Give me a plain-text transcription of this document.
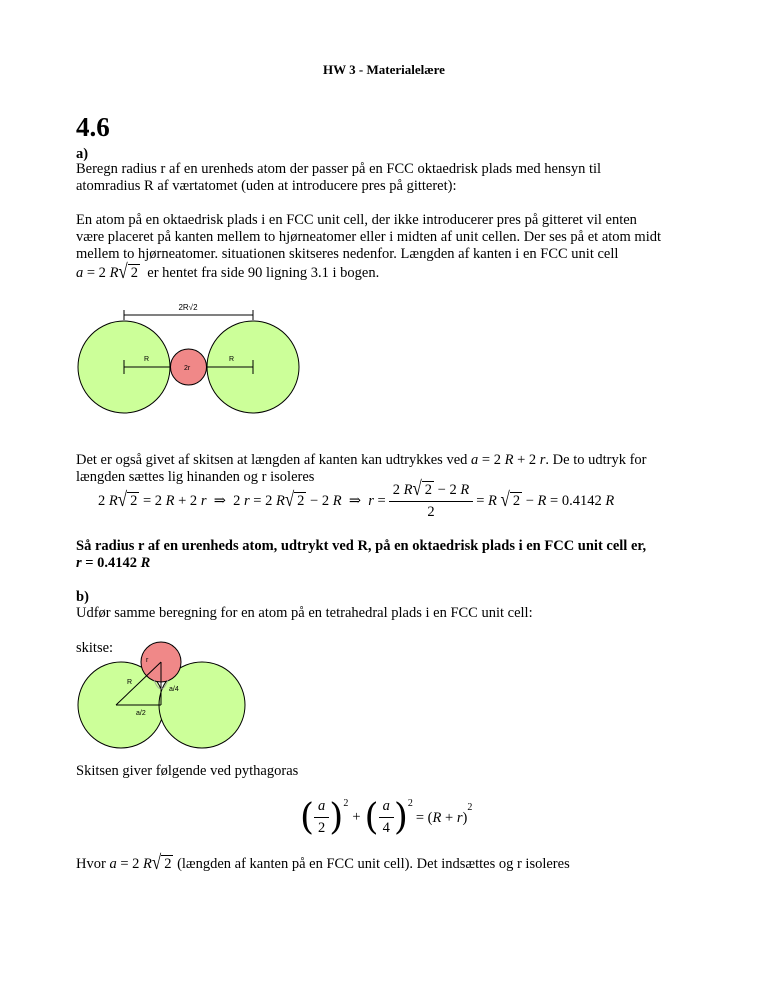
HW 3 - Materialelære
4.6
a)
Beregn radius r af en urenheds atom der passer på en FCC oktaedrisk plads med hensyn til
atomradius R af værtatomet (uden at introducere pres på gitteret):
En atom på en oktaedrisk plads i en FCC unit cell, der ikke introducerer pres på gitteret vil enten
være placeret på kanten mellem to hjørneatomer eller i midten af unit cellen. Der ses på et atom midt
mellem to hjørneatomer. situationen skitseres nedenfor. Længden af kanten i en FCC unit cell
a = 2 R√ 2 er hentet fra side 90 ligning 3.1 i bogen.
2R√2
R
2r
R
Det er også givet af skitsen at længden af kanten kan udtrykkes ved a = 2 R + 2 r. De to udtryk for
længden sættes lig hinanden og r isoleres
2 R√ 2 = 2 R + 2 r  ⇒  2 r = 2 R√ 2 − 2 R  ⇒  $r = \frac{2 R√ 2 - 2 R}{2} = R$ √ 2 − R = 0.4142 R
Så radius r af en urenheds atom, udtrykt ved R, på en oktaedrisk plads i en FCC unit cell er,
r = 0.4142 R
b)
Udfør samme beregning for en atom på en tetrahedral plads i en FCC unit cell:
skitse:
r
R
a/4
a/2
Skitsen giver følgende ved pythagoras
( $\frac{a}{2} )^2$
+ ( $\frac{a}{4} )^2$
= $(R + r)^2$
Hvor a = 2 R√ 2 (længden af kanten på en FCC unit cell). Det indsættes og r isoleres
